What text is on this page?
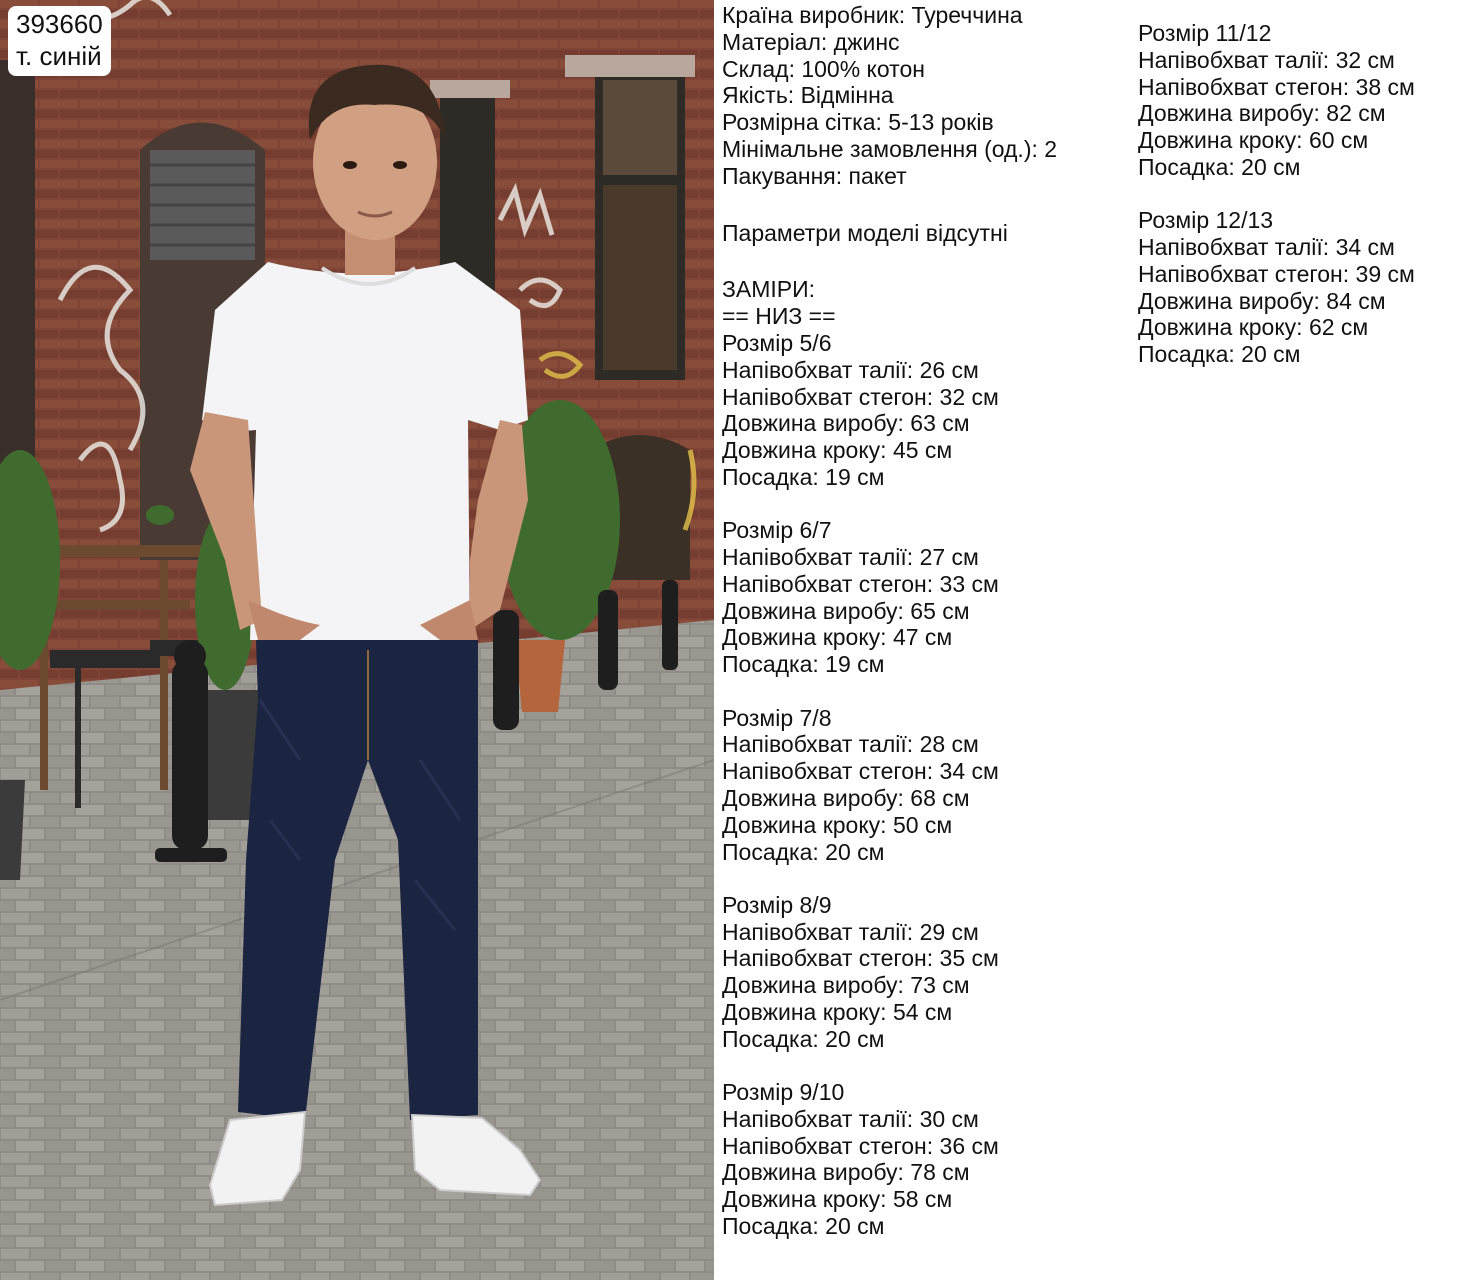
393660
т. синій
Країна виробник: Туреччина
Матеріал: джинс
Склад: 100% котон
Якість: Відмінна
Розмірна сітка: 5-13 років
Мінімальне замовлення (од.): 2
Пакування: пакет
Параметри моделі відсутні
ЗАМІРИ:
== НИЗ ==
Розмір 5/6
Напівобхват талії: 26 см
Напівобхват стегон: 32 см
Довжина виробу: 63 см
Довжина кроку: 45 см
Посадка: 19 см
Розмір 6/7
Напівобхват талії: 27 см
Напівобхват стегон: 33 см
Довжина виробу: 65 см
Довжина кроку: 47 см
Посадка: 19 см
Розмір 7/8
Напівобхват талії: 28 см
Напівобхват стегон: 34 см
Довжина виробу: 68 см
Довжина кроку: 50 см
Посадка: 20 см
Розмір 8/9
Напівобхват талії: 29 см
Напівобхват стегон: 35 см
Довжина виробу: 73 см
Довжина кроку: 54 см
Посадка: 20 см
Розмір 9/10
Напівобхват талії: 30 см
Напівобхват стегон: 36 см
Довжина виробу: 78 см
Довжина кроку: 58 см
Посадка: 20 см
Розмір 11/12
Напівобхват талії: 32 см
Напівобхват стегон: 38 см
Довжина виробу: 82 см
Довжина кроку: 60 см
Посадка: 20 см
Розмір 12/13
Напівобхват талії: 34 см
Напівобхват стегон: 39 см
Довжина виробу: 84 см
Довжина кроку: 62 см
Посадка: 20 см
